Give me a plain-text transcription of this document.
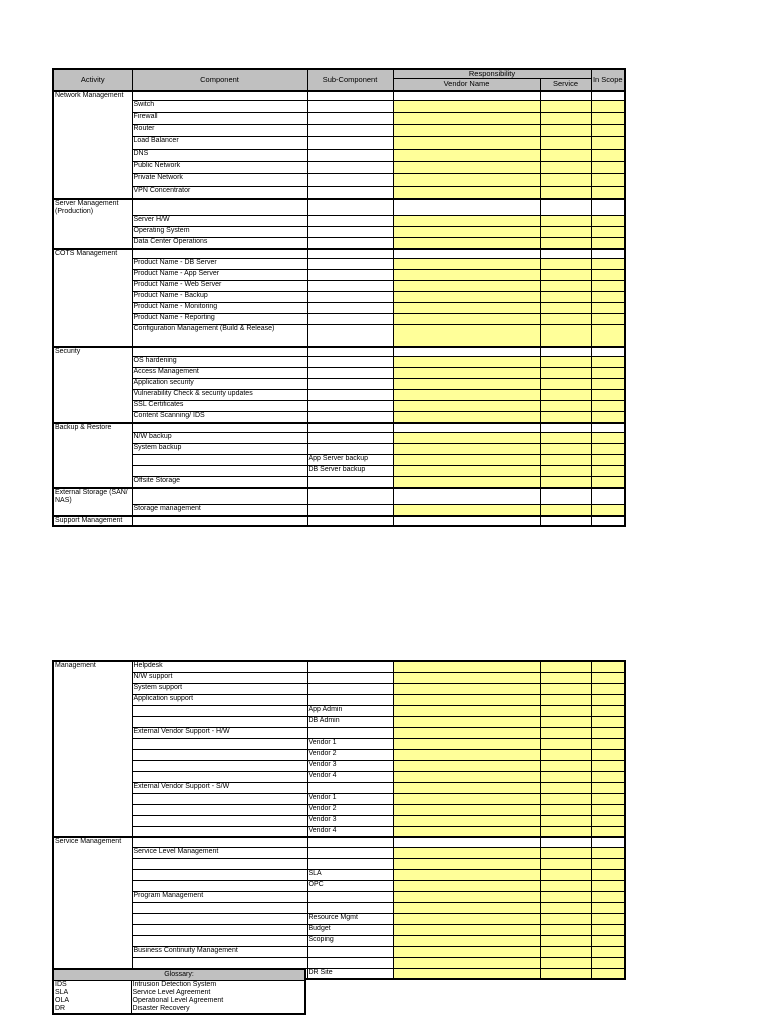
Activity	Component	Sub-Component	Responsibility		In Scope
			Vendor Name	Service	
Network Management					
	Switch				
	Firewall				
	Router				
	Load Balancer				
	DNS				
	Public Network				
	Private Network				
	VPN Concentrator				
Server Management (Production)					
	Server H/W				
	Operating System				
	Data Center Operations				
COTS Management					
	Product Name - DB Server				
	Product Name - App Server				
	Product Name - Web Server				
	Product Name - Backup				
	Product Name - Monitoring				
	Product Name - Reporting				
	Configuration Management (Build & Release)				
Security					
	OS hardening				
	Access Management				
	Application security				
	Vulnerability Check & security updates				
	SSL Certificates				
	Content Scanning/ IDS				
Backup & Restore					
	N/W backup				
	System backup				
		App Server backup			
		DB Server backup			
	Offsite Storage				
External Storage (SAN/ NAS)					
	Storage management				
Support Management					
Management	Helpdesk				
	N/W support				
	System support				
	Application support				
		App Admin			
		DB Admin			
	External Vendor Support - H/W				
		Vendor 1			
		Vendor 2			
		Vendor 3			
		Vendor 4			
	External Vendor Support - S/W				
		Vendor 1			
		Vendor 2			
		Vendor 3			
		Vendor 4			
Service Management					
	Service Level Management				

		SLA			
		OPC			
	Program Management				

		Resource Mgmt			
		Budget			
		Scoping			
	Business Continuity Management				

		DR Site			
Glossary:	
IDS	Intrusion Detection System
SLA	Service Level Agreement
OLA	Operational Level Agreement
DR	Disaster Recovery
